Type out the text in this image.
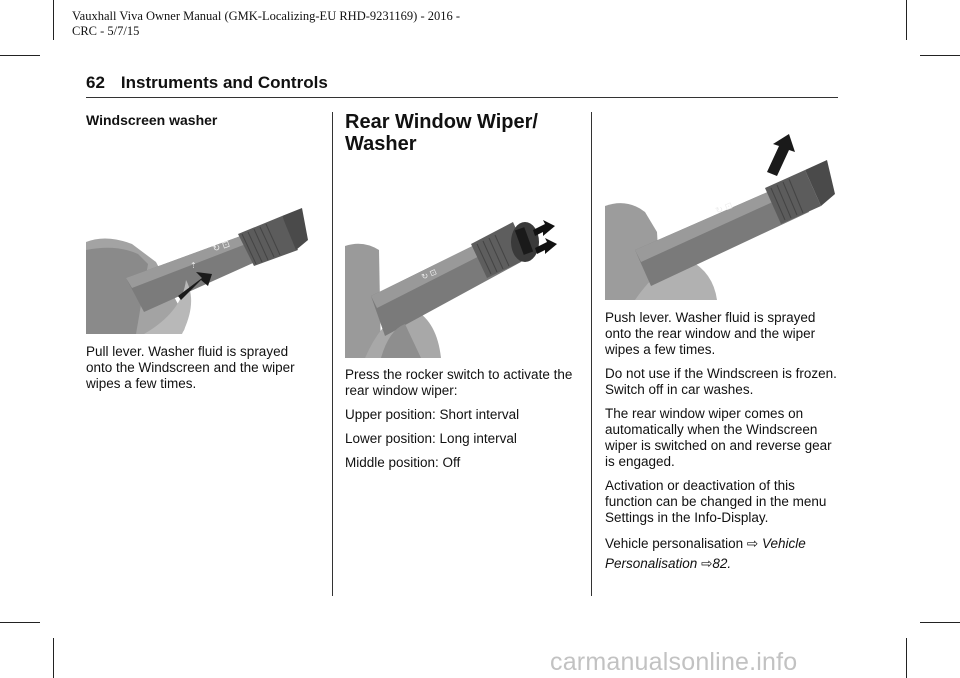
Vauxhall Viva Owner Manual (GMK-Localizing-EU RHD-9231169) - 2016 -
CRC - 5/7/15
62 Instruments and Controls
Windscreen washer
↻ ⊡
⇡

Pull lever. Washer fluid is sprayed onto the Windscreen and the wiper wipes a few times.

Rear Window Wiper/
Washer
↻ ⊡

Press the rocker switch to activate the rear window wiper:

Upper position: Short interval

Lower position: Long interval

Middle position: Off

↻ ⊡

Push lever. Washer fluid is sprayed onto the rear window and the wiper wipes a few times.

Do not use if the Windscreen is frozen. Switch off in car washes.

The rear window wiper comes on automatically when the Windscreen wiper is switched on and reverse gear is engaged.

Activation or deactivation of this function can be changed in the menu Settings in the Info-Display.

Vehicle personalisation ⇨ Vehicle Personalisation ⇨82.

carmanualsonline.info
